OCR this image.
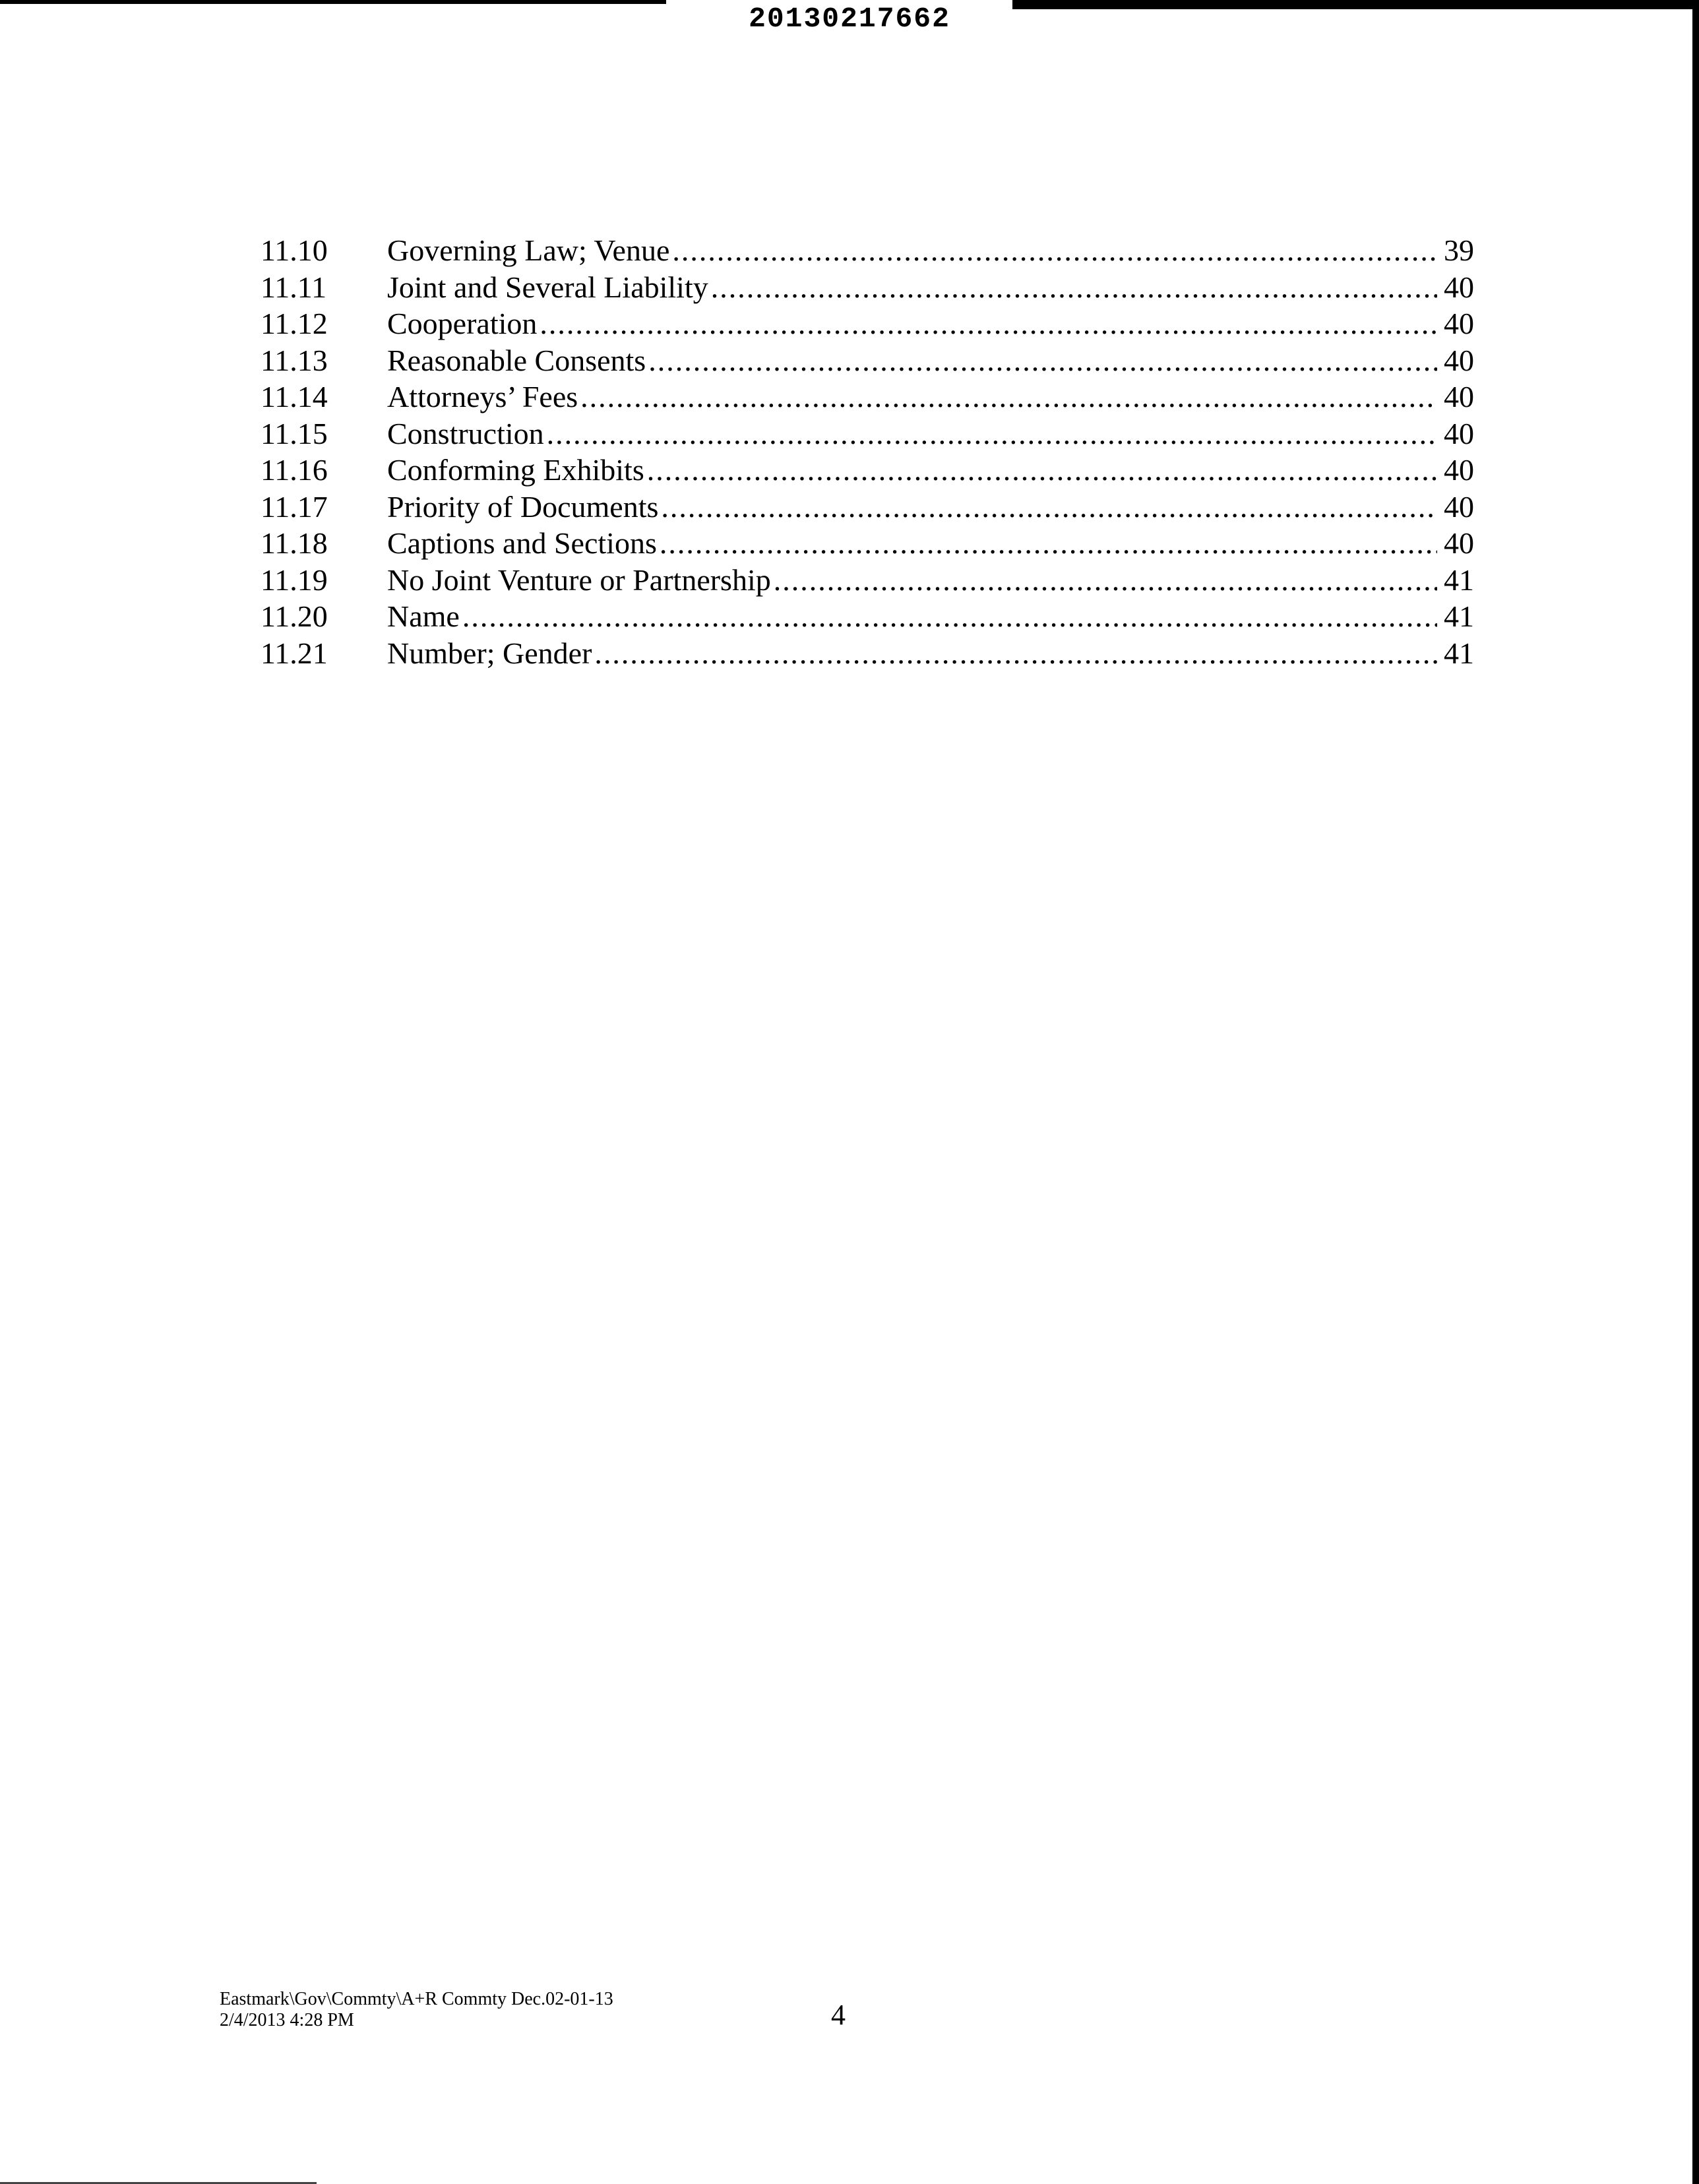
20130217662
11.10	Governing Law; Venue .....	39
11.11	Joint and Several Liability .....	40
11.12	Cooperation .....	40
11.13	Reasonable Consents .....	40
11.14	Attorneys’ Fees .....	40
11.15	Construction .....	40
11.16	Conforming Exhibits .....	40
11.17	Priority of Documents .....	40
11.18	Captions and Sections .....	40
11.19	No Joint Venture or Partnership .....	41
11.20	Name .....	41
11.21	Number; Gender .....	41
Eastmark\Gov\Commty\A+R Commty Dec.02-01-13
2/4/2013 4:28 PM	4
